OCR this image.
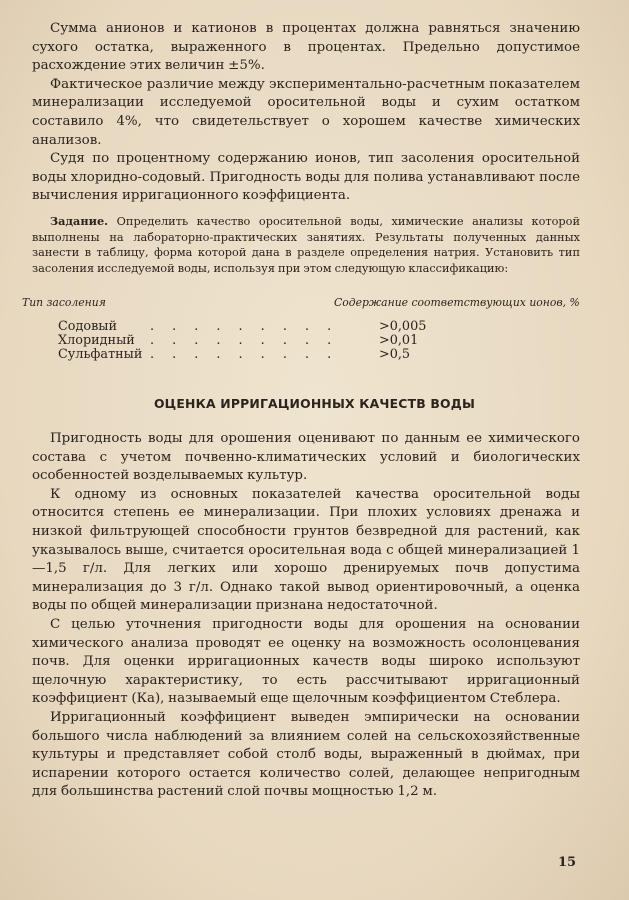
Сумма анионов и катионов в процентах должна равняться значению сухого остатка, выраженного в процентах. Предельно допустимое расхождение этих величин ±5%.

Фактическое различие между экспериментально-расчетным показателем минерализации исследуемой оросительной воды и сухим остатком составило 4%, что свидетельствует о хорошем качестве химических анализов.

Судя по процентному содержанию ионов, тип засоления оросительной воды хлоридно-содовый. Пригодность воды для полива устанавливают после вычисления ирригационного коэффициента.

Задание. Определить качество оросительной воды, химические анализы которой выполнены на лабораторно-практических занятиях. Результаты полученных данных занести в таблицу, форма которой дана в разделе определения натрия. Установить тип засоления исследуемой воды, используя при этом следующую классификацию:

Тип засоления	Содержание соответствующих ионов, %
Содовый	. . . . . . . . .	>0,005
Хлоридный . . . . . . . . .	>0,01
Сульфатный . . . . . . . . .	>0,5
ОЦЕНКА ИРРИГАЦИОННЫХ КАЧЕСТВ ВОДЫ

Пригодность воды для орошения оценивают по данным ее химического состава с учетом почвенно-климатических условий и биологических особенностей возделываемых культур.

К одному из основных показателей качества оросительной воды относится степень ее минерализации. При плохих условиях дренажа и низкой фильтрующей способности грунтов безвредной для растений, как указывалось выше, считается оросительная вода с общей минерализацией 1—1,5 г/л. Для легких или хорошо дренируемых почв допустима минерализация до 3 г/л. Однако такой вывод ориентировочный, а оценка воды по общей минерализации признана недостаточной.

С целью уточнения пригодности воды для орошения на основании химического анализа проводят ее оценку на возможность осолонцевания почв. Для оценки ирригационных качеств воды широко используют щелочную характеристику, то есть рассчитывают ирригационный коэффициент (Ка), называемый еще щелочным коэффициентом Стеблера.

Ирригационный коэффициент выведен эмпирически на основании большого числа наблюдений за влиянием солей на сельскохозяйственные культуры и представляет собой столб воды, выраженный в дюймах, при испарении которого остается количество солей, делающее непригодным для большинства растений слой почвы мощностью 1,2 м.

15
